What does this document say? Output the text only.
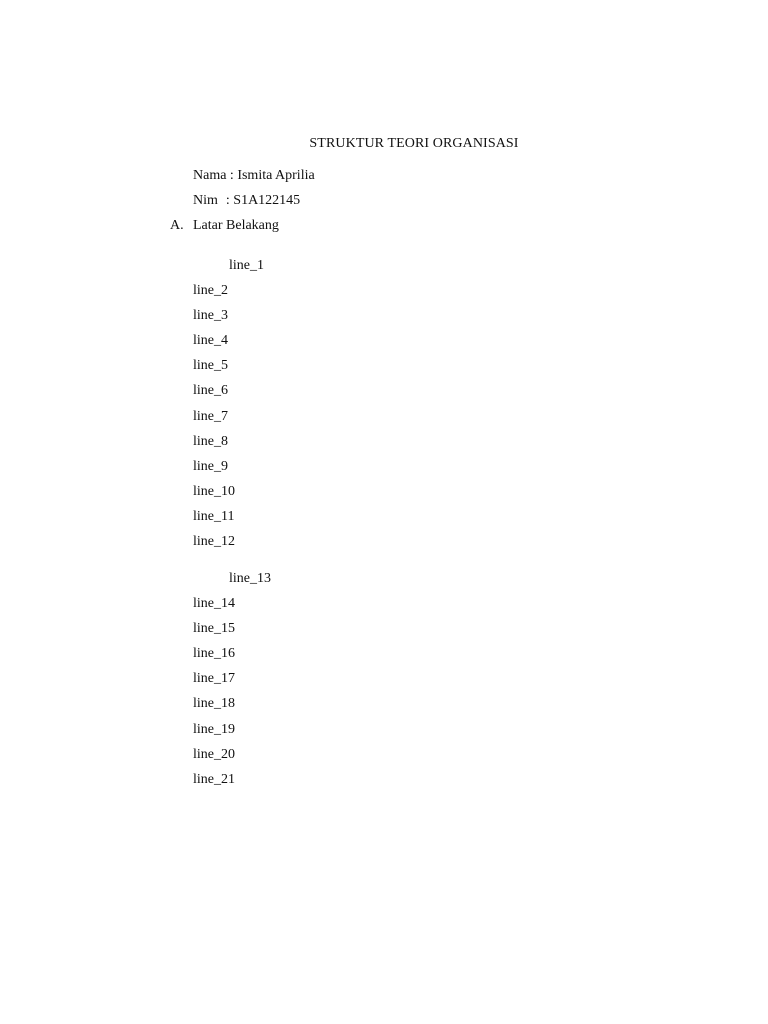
STRUKTUR TEORI ORGANISASI

Nama : Ismita Aprilia

Nim : S1A122145

A. Latar Belakang
line_1
line_2
line_3
line_4
line_5
line_6
line_7
line_8
line_9
line_10
line_11
line_12
line_13
line_14
line_15
line_16
line_17
line_18
line_19
line_20
line_21
